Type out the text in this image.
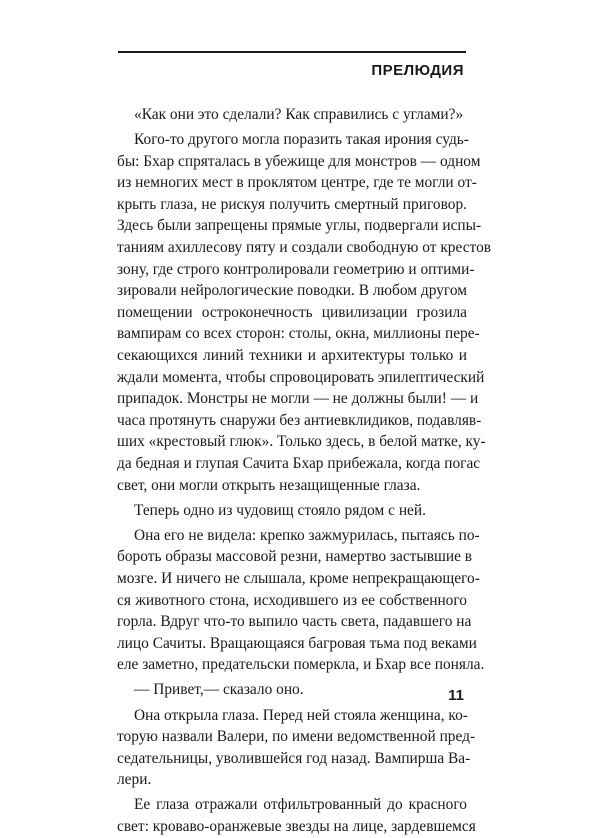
ПРЕЛЮДИЯ
«Как они это сделали? Как справились с углами?»
Кого-то другого могла поразить такая ирония судь-
бы: Бхар спряталась в убежище для монстров — одном
из немногих мест в проклятом центре, где те могли от-
крыть глаза, не рискуя получить смертный приговор.
Здесь были запрещены прямые углы, подвергали испы-
таниям ахиллесову пяту и создали свободную от крестов
зону, где строго контролировали геометрию и оптими-
зировали нейрологические поводки. В любом другом
помещении остроконечность цивилизации грозила
вампирам со всех сторон: столы, окна, миллионы пере-
секающихся линий техники и архитектуры только и
ждали момента, чтобы спровоцировать эпилептический
припадок. Монстры не могли — не должны были! — и
часа протянуть снаружи без антиевклидиков, подавляв-
ших «крестовый глюк». Только здесь, в белой матке, ку-
да бедная и глупая Сачита Бхар прибежала, когда погас
свет, они могли открыть незащищенные глаза.
Теперь одно из чудовищ стояло рядом с ней.
Она его не видела: крепко зажмурилась, пытаясь по-
бороть образы массовой резни, намертво застывшие в
мозге. И ничего не слышала, кроме непрекращающего-
ся животного стона, исходившего из ее собственного
горла. Вдруг что-то выпило часть света, падавшего на
лицо Сачиты. Вращающаяся багровая тьма под веками
еле заметно, предательски померкла, и Бхар все поняла.
— Привет,— сказало оно.
Она открыла глаза. Перед ней стояла женщина, ко-
торую назвали Валери, по имени ведомственной пред-
седательницы, уволившейся год назад. Вампирша Ва-
лери.
Ее глаза отражали отфильтрованный до красного
свет: кроваво-оранжевые звезды на лице, зардевшемся
11
